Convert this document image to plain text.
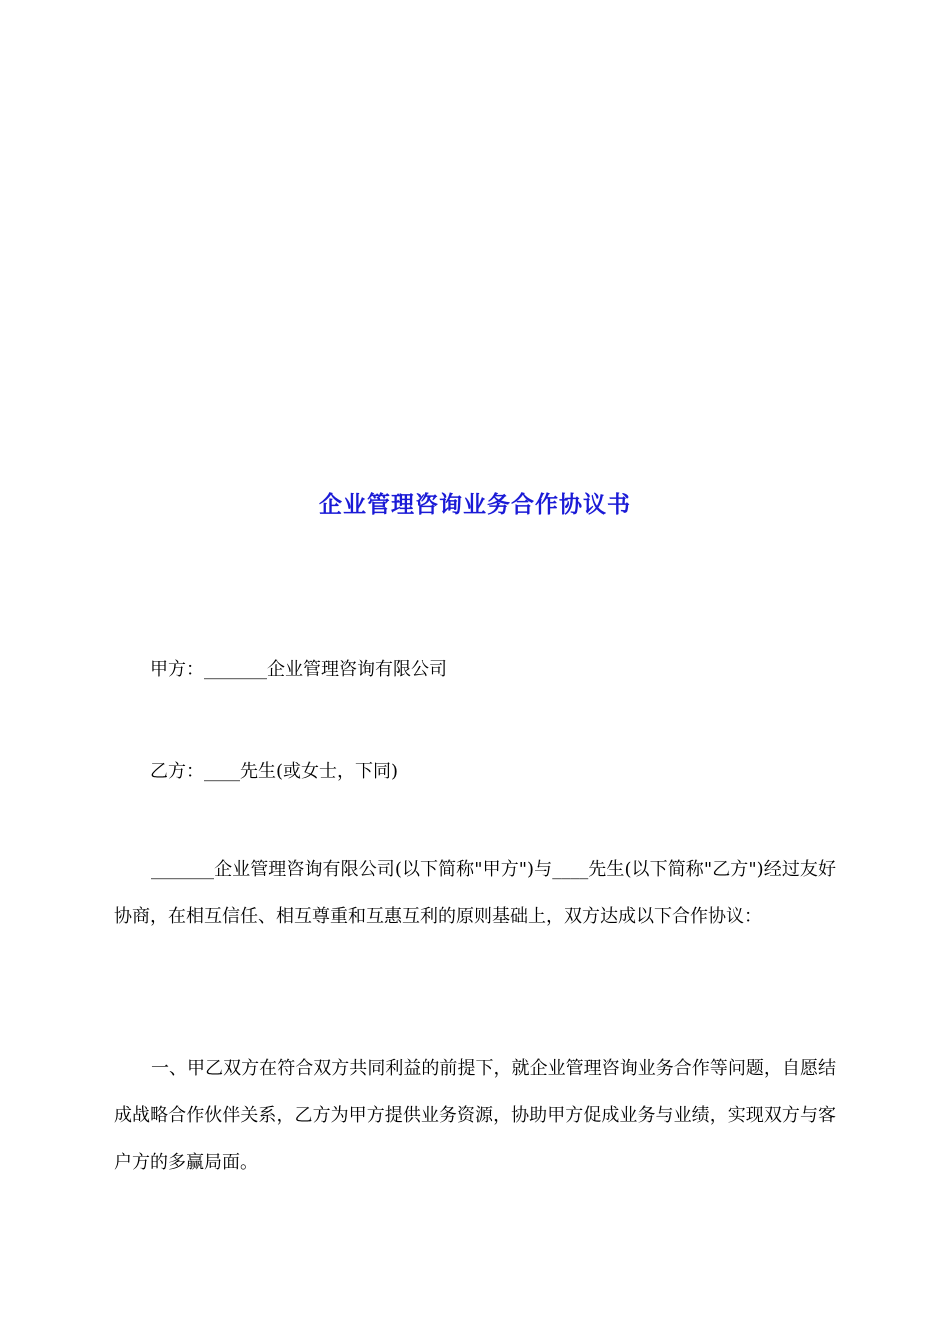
企业管理咨询业务合作协议书
甲方：_______企业管理咨询有限公司
乙方：____先生(或女士，下同)
_______企业管理咨询有限公司(以下简称"甲方")与____先生(以下简称"乙方")经过友好协商，在相互信任、相互尊重和互惠互利的原则基础上，双方达成以下合作协议：
一、甲乙双方在符合双方共同利益的前提下，就企业管理咨询业务合作等问题，自愿结成战略合作伙伴关系，乙方为甲方提供业务资源，协助甲方促成业务与业绩，实现双方与客户方的多赢局面。
